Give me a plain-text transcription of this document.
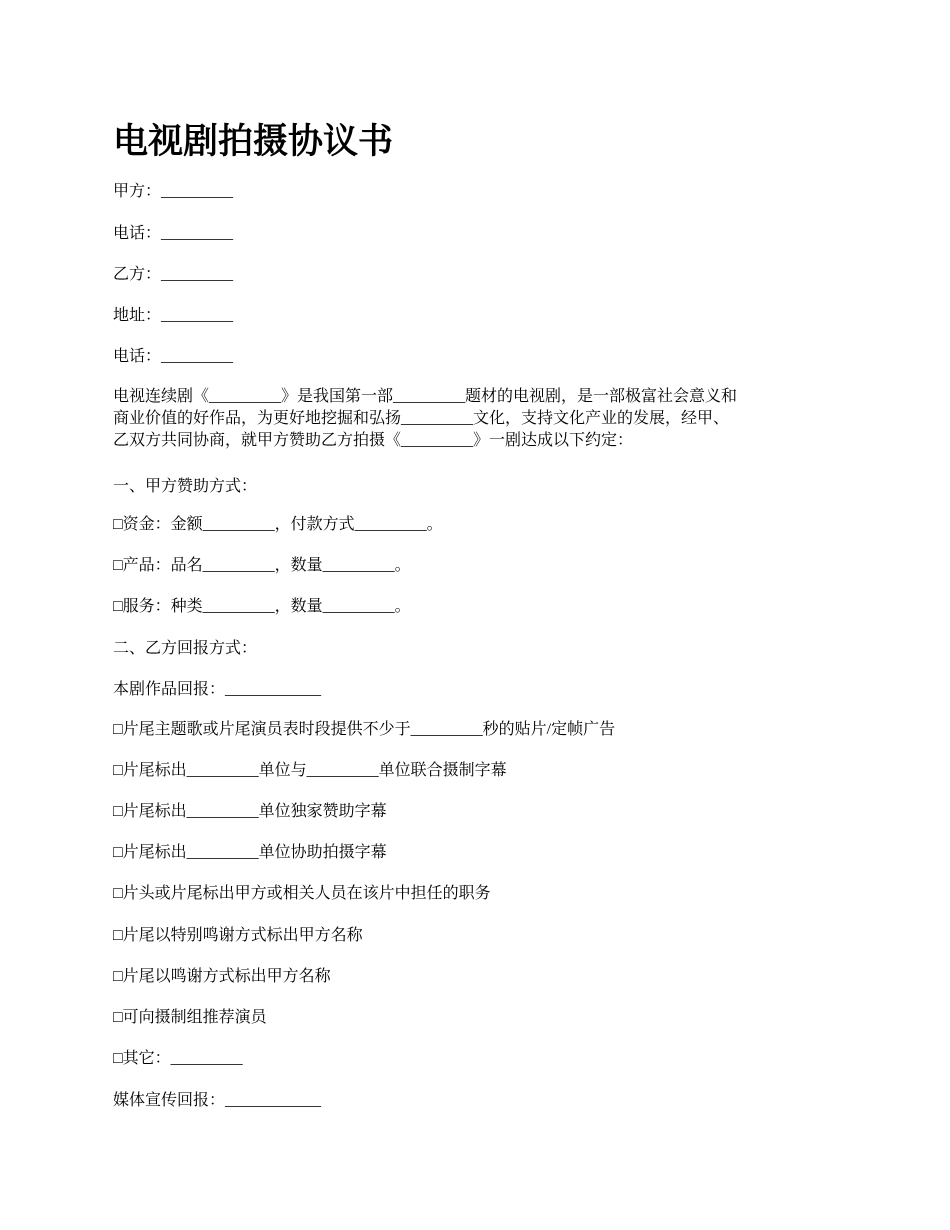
电视剧拍摄协议书
甲方：_________
电话：_________
乙方：_________
地址：_________
电话：_________
电视连续剧《_________》是我国第一部_________题材的电视剧，是一部极富社会意义和
商业价值的好作品，为更好地挖掘和弘扬_________文化，支持文化产业的发展，经甲、
乙双方共同协商，就甲方赞助乙方拍摄《_________》一剧达成以下约定：
一、甲方赞助方式：
□资金：金额_________，付款方式_________。
□产品：品名_________，数量_________。
□服务：种类_________，数量_________。
二、乙方回报方式：
本剧作品回报：____________
□片尾主题歌或片尾演员表时段提供不少于_________秒的贴片/定帧广告
□片尾标出_________单位与_________单位联合摄制字幕
□片尾标出_________单位独家赞助字幕
□片尾标出_________单位协助拍摄字幕
□片头或片尾标出甲方或相关人员在该片中担任的职务
□片尾以特别鸣谢方式标出甲方名称
□片尾以鸣谢方式标出甲方名称
□可向摄制组推荐演员
□其它：_________
媒体宣传回报：____________
